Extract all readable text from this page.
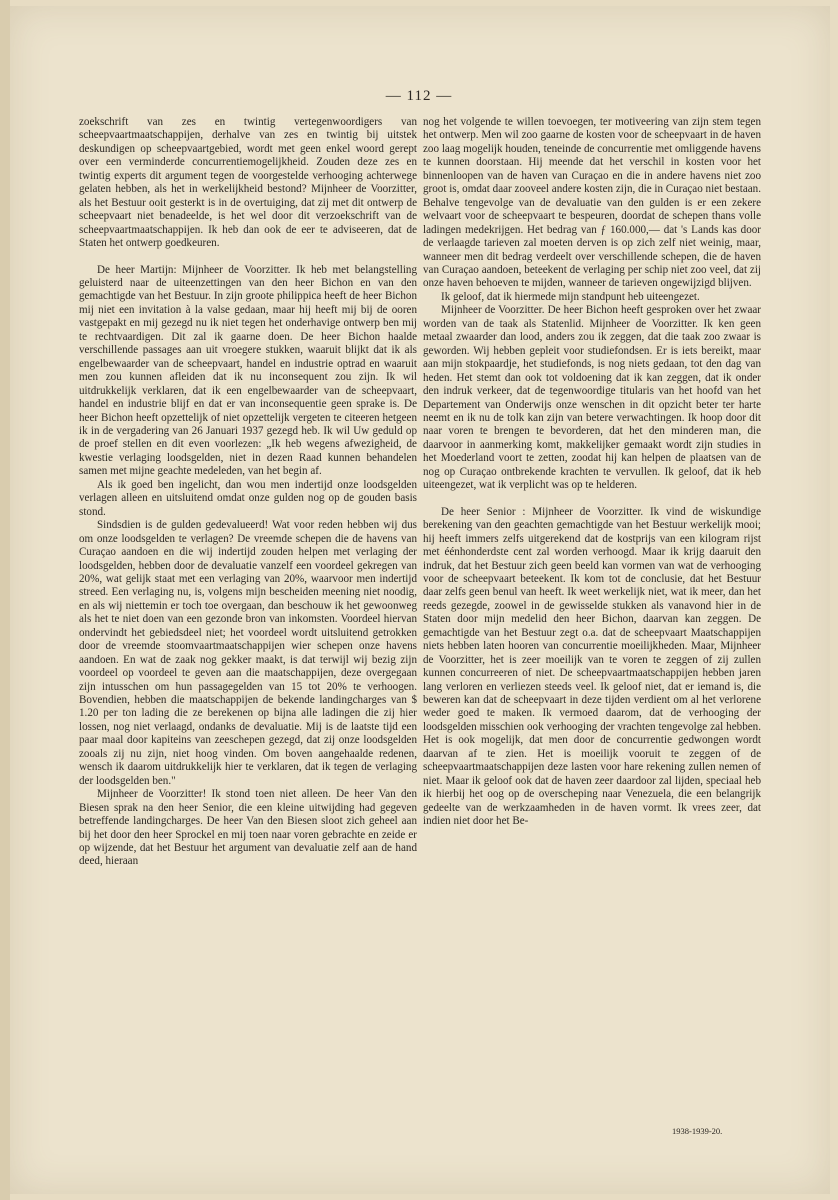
— 112 —

zoekschrift van zes en twintig vertegenwoordigers van scheepvaartmaatschappijen, derhalve van zes en twintig bij uitstek deskundigen op scheepvaartgebied, wordt met geen enkel woord gerept over een verminderde concurrentiemogelijkheid. Zouden deze zes en twintig experts dit argument tegen de voorgestelde verhooging achterwege gelaten hebben, als het in werkelijkheid bestond? Mijnheer de Voorzitter, als het Bestuur ooit gesterkt is in de overtuiging, dat zij met dit ontwerp de scheepvaart niet benadeelde, is het wel door dit verzoekschrift van de scheepvaartmaatschappijen. Ik heb dan ook de eer te adviseeren, dat de Staten het ontwerp goedkeuren.

De heer Martijn: Mijnheer de Voorzitter. Ik heb met belangstelling geluisterd naar de uiteenzettingen van den heer Bichon en van den gemachtigde van het Bestuur. In zijn groote philippica heeft de heer Bichon mij niet een invitation à la valse gedaan, maar hij heeft mij bij de ooren vastgepakt en mij gezegd nu ik niet tegen het onderhavige ontwerp ben mij te rechtvaardigen. Dit zal ik gaarne doen. De heer Bichon haalde verschillende passages aan uit vroegere stukken, waaruit blijkt dat ik als engelbewaarder van de scheepvaart, handel en industrie optrad en waaruit men zou kunnen afleiden dat ik nu inconsequent zou zijn. Ik wil uitdrukkelijk verklaren, dat ik een engelbewaarder van de scheepvaart, handel en industrie blijf en dat er van inconsequentie geen sprake is. De heer Bichon heeft opzettelijk of niet opzettelijk vergeten te citeeren hetgeen ik in de vergadering van 26 Januari 1937 gezegd heb. Ik wil Uw geduld op de proef stellen en dit even voorlezen: „Ik heb wegens afwezigheid, de kwestie verlaging loodsgelden, niet in dezen Raad kunnen behandelen samen met mijne geachte medeleden, van het begin af.

Als ik goed ben ingelicht, dan wou men indertijd onze loodsgelden verlagen alleen en uitsluitend omdat onze gulden nog op de gouden basis stond.

Sindsdien is de gulden gedevalueerd! Wat voor reden hebben wij dus om onze loodsgelden te verlagen? De vreemde schepen die de havens van Curaçao aandoen en die wij indertijd zouden helpen met verlaging der loodsgelden, hebben door de devaluatie vanzelf een voordeel gekregen van 20%, wat gelijk staat met een verlaging van 20%, waarvoor men indertijd streed. Een verlaging nu, is, volgens mijn bescheiden meening niet noodig, en als wij niettemin er toch toe overgaan, dan beschouw ik het gewoonweg als het te niet doen van een gezonde bron van inkomsten. Voordeel hiervan ondervindt het gebiedsdeel niet; het voordeel wordt uitsluitend getrokken door de vreemde stoomvaartmaatschappijen wier schepen onze havens aandoen. En wat de zaak nog gekker maakt, is dat terwijl wij bezig zijn voordeel op voordeel te geven aan die maatschappijen, deze overgegaan zijn intusschen om hun passagegelden van 15 tot 20% te verhoogen. Bovendien, hebben die maatschappijen de bekende landingcharges van $ 1.20 per ton lading die ze berekenen op bijna alle ladingen die zij hier lossen, nog niet verlaagd, ondanks de devaluatie. Mij is de laatste tijd een paar maal door kapiteins van zeeschepen gezegd, dat zij onze loodsgelden zooals zij nu zijn, niet hoog vinden. Om boven aangehaalde redenen, wensch ik daarom uitdrukkelijk hier te verklaren, dat ik tegen de verlaging der loodsgelden ben."

Mijnheer de Voorzitter! Ik stond toen niet alleen. De heer Van den Biesen sprak na den heer Senior, die een kleine uitwijding had gegeven betreffende landingcharges. De heer Van den Biesen sloot zich geheel aan bij het door den heer Sprockel en mij toen naar voren gebrachte en zeide er op wijzende, dat het Bestuur het argument van devaluatie zelf aan de hand deed, hieraan

nog het volgende te willen toevoegen, ter motiveering van zijn stem tegen het ontwerp. Men wil zoo gaarne de kosten voor de scheepvaart in de haven zoo laag mogelijk houden, teneinde de concurrentie met omliggende havens te kunnen doorstaan. Hij meende dat het verschil in kosten voor het binnenloopen van de haven van Curaçao en die in andere havens niet zoo groot is, omdat daar zooveel andere kosten zijn, die in Curaçao niet bestaan. Behalve tengevolge van de devaluatie van den gulden is er een zekere welvaart voor de scheepvaart te bespeuren, doordat de schepen thans volle ladingen medekrijgen. Het bedrag van ƒ 160.000,— dat 's Lands kas door de verlaagde tarieven zal moeten derven is op zich zelf niet weinig, maar, wanneer men dit bedrag verdeelt over verschillende schepen, die de haven van Curaçao aandoen, beteekent de verlaging per schip niet zoo veel, dat zij onze haven behoeven te mijden, wanneer de tarieven ongewijzigd blijven.

Ik geloof, dat ik hiermede mijn standpunt heb uiteengezet.

Mijnheer de Voorzitter. De heer Bichon heeft gesproken over het zwaar worden van de taak als Statenlid. Mijnheer de Voorzitter. Ik ken geen metaal zwaarder dan lood, anders zou ik zeggen, dat die taak zoo zwaar is geworden. Wij hebben gepleit voor studiefondsen. Er is iets bereikt, maar aan mijn stokpaardje, het studiefonds, is nog niets gedaan, tot den dag van heden. Het stemt dan ook tot voldoening dat ik kan zeggen, dat ik onder den indruk verkeer, dat de tegenwoordige titularis van het hoofd van het Departement van Onderwijs onze wenschen in dit opzicht beter ter harte neemt en ik nu de tolk kan zijn van betere verwachtingen. Ik hoop door dit naar voren te brengen te bevorderen, dat het den minderen man, die daarvoor in aanmerking komt, makkelijker gemaakt wordt zijn studies in het Moederland voort te zetten, zoodat hij kan helpen de plaatsen van de nog op Curaçao ontbrekende krachten te vervullen. Ik geloof, dat ik heb uiteengezet, wat ik verplicht was op te helderen.

De heer Senior : Mijnheer de Voorzitter. Ik vind de wiskundige berekening van den geachten gemachtigde van het Bestuur werkelijk mooi; hij heeft immers zelfs uitgerekend dat de kostprijs van een kilogram rijst met éénhonderdste cent zal worden verhoogd. Maar ik krijg daaruit den indruk, dat het Bestuur zich geen beeld kan vormen van wat de verhooging voor de scheepvaart beteekent. Ik kom tot de conclusie, dat het Bestuur daar zelfs geen benul van heeft. Ik weet werkelijk niet, wat ik meer, dan het reeds gezegde, zoowel in de gewisselde stukken als vanavond hier in de Staten door mijn medelid den heer Bichon, daarvan kan zeggen. De gemachtigde van het Bestuur zegt o.a. dat de scheepvaart Maatschappijen niets hebben laten hooren van concurrentie moeilijkheden. Maar, Mijnheer de Voorzitter, het is zeer moeilijk van te voren te zeggen of zij zullen kunnen concurreeren of niet. De scheepvaartmaatschappijen hebben jaren lang verloren en verliezen steeds veel. Ik geloof niet, dat er iemand is, die beweren kan dat de scheepvaart in deze tijden verdient om al het verlorene weder goed te maken. Ik vermoed daarom, dat de verhooging der loodsgelden misschien ook verhooging der vrachten tengevolge zal hebben. Het is ook mogelijk, dat men door de concurrentie gedwongen wordt daarvan af te zien. Het is moeilijk vooruit te zeggen of de scheepvaartmaatschappijen deze lasten voor hare rekening zullen nemen of niet. Maar ik geloof ook dat de haven zeer daardoor zal lijden, speciaal heb ik hierbij het oog op de overscheping naar Venezuela, die een belangrijk gedeelte van de werkzaamheden in de haven vormt. Ik vrees zeer, dat indien niet door het Be-

1938-1939-20.
